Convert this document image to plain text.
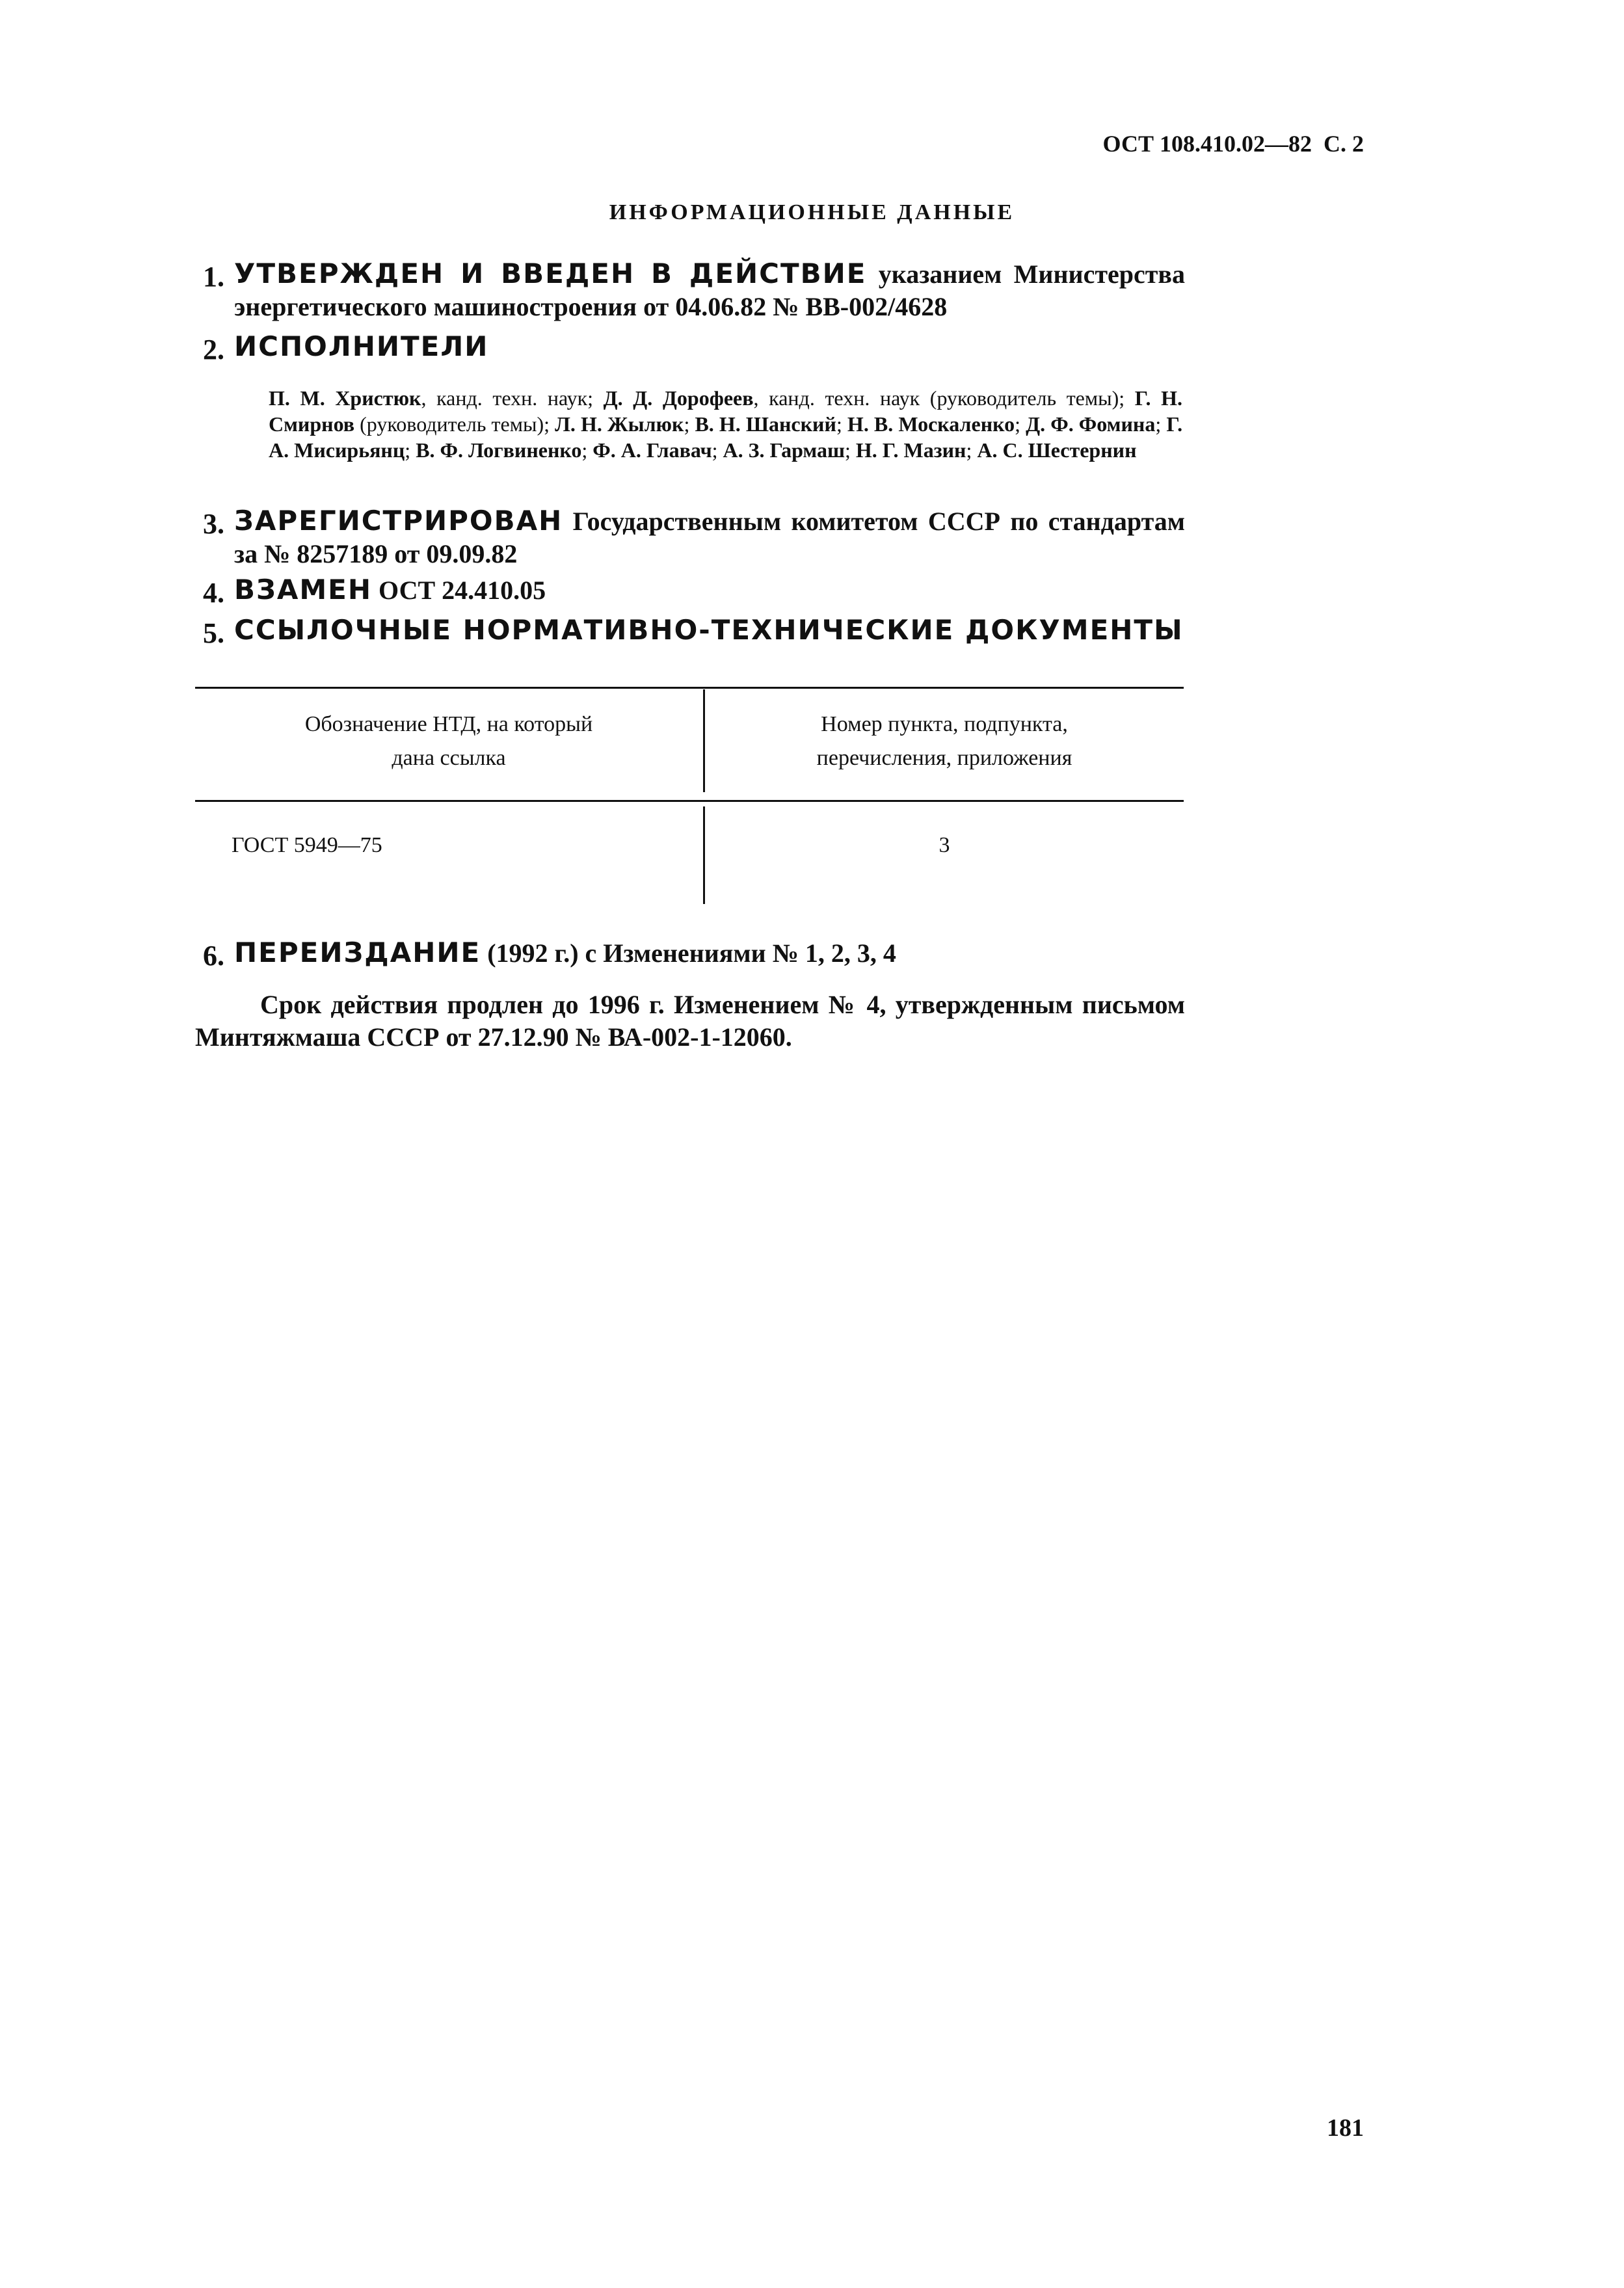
ОСТ 108.410.02—82 С. 2
ИНФОРМАЦИОННЫЕ ДАННЫЕ
1. УТВЕРЖДЕН И ВВЕДЕН В ДЕЙСТВИЕ указанием Министерства энергетического машиностроения от 04.06.82 № ВВ-002/4628
2. ИСПОЛНИТЕЛИ
П. М. Христюк, канд. техн. наук; Д. Д. Дорофеев, канд. техн. наук (руководитель темы); Г. Н. Смирнов (руководитель темы); Л. Н. Жылюк; В. Н. Шанский; Н. В. Москаленко; Д. Ф. Фомина; Г. А. Мисирьянц; В. Ф. Логвиненко; Ф. А. Главач; А. З. Гармаш; Н. Г. Мазин; А. С. Шестернин
3. ЗАРЕГИСТРИРОВАН Государственным комитетом СССР по стандартам за № 8257189 от 09.09.82
4. ВЗАМЕН ОСТ 24.410.05
5. ССЫЛОЧНЫЕ НОРМАТИВНО-ТЕХНИЧЕСКИЕ ДОКУМЕНТЫ
Обозначение НТД, на который
дана ссылка
Номер пункта, подпункта,
перечисления, приложения
ГОСТ 5949—75	3
6. ПЕРЕИЗДАНИЕ (1992 г.) с Изменениями № 1, 2, 3, 4
Срок действия продлен до 1996 г. Изменением № 4, утвержденным письмом Минтяжмаша СССР от 27.12.90 № ВА-002-1-12060.
181
